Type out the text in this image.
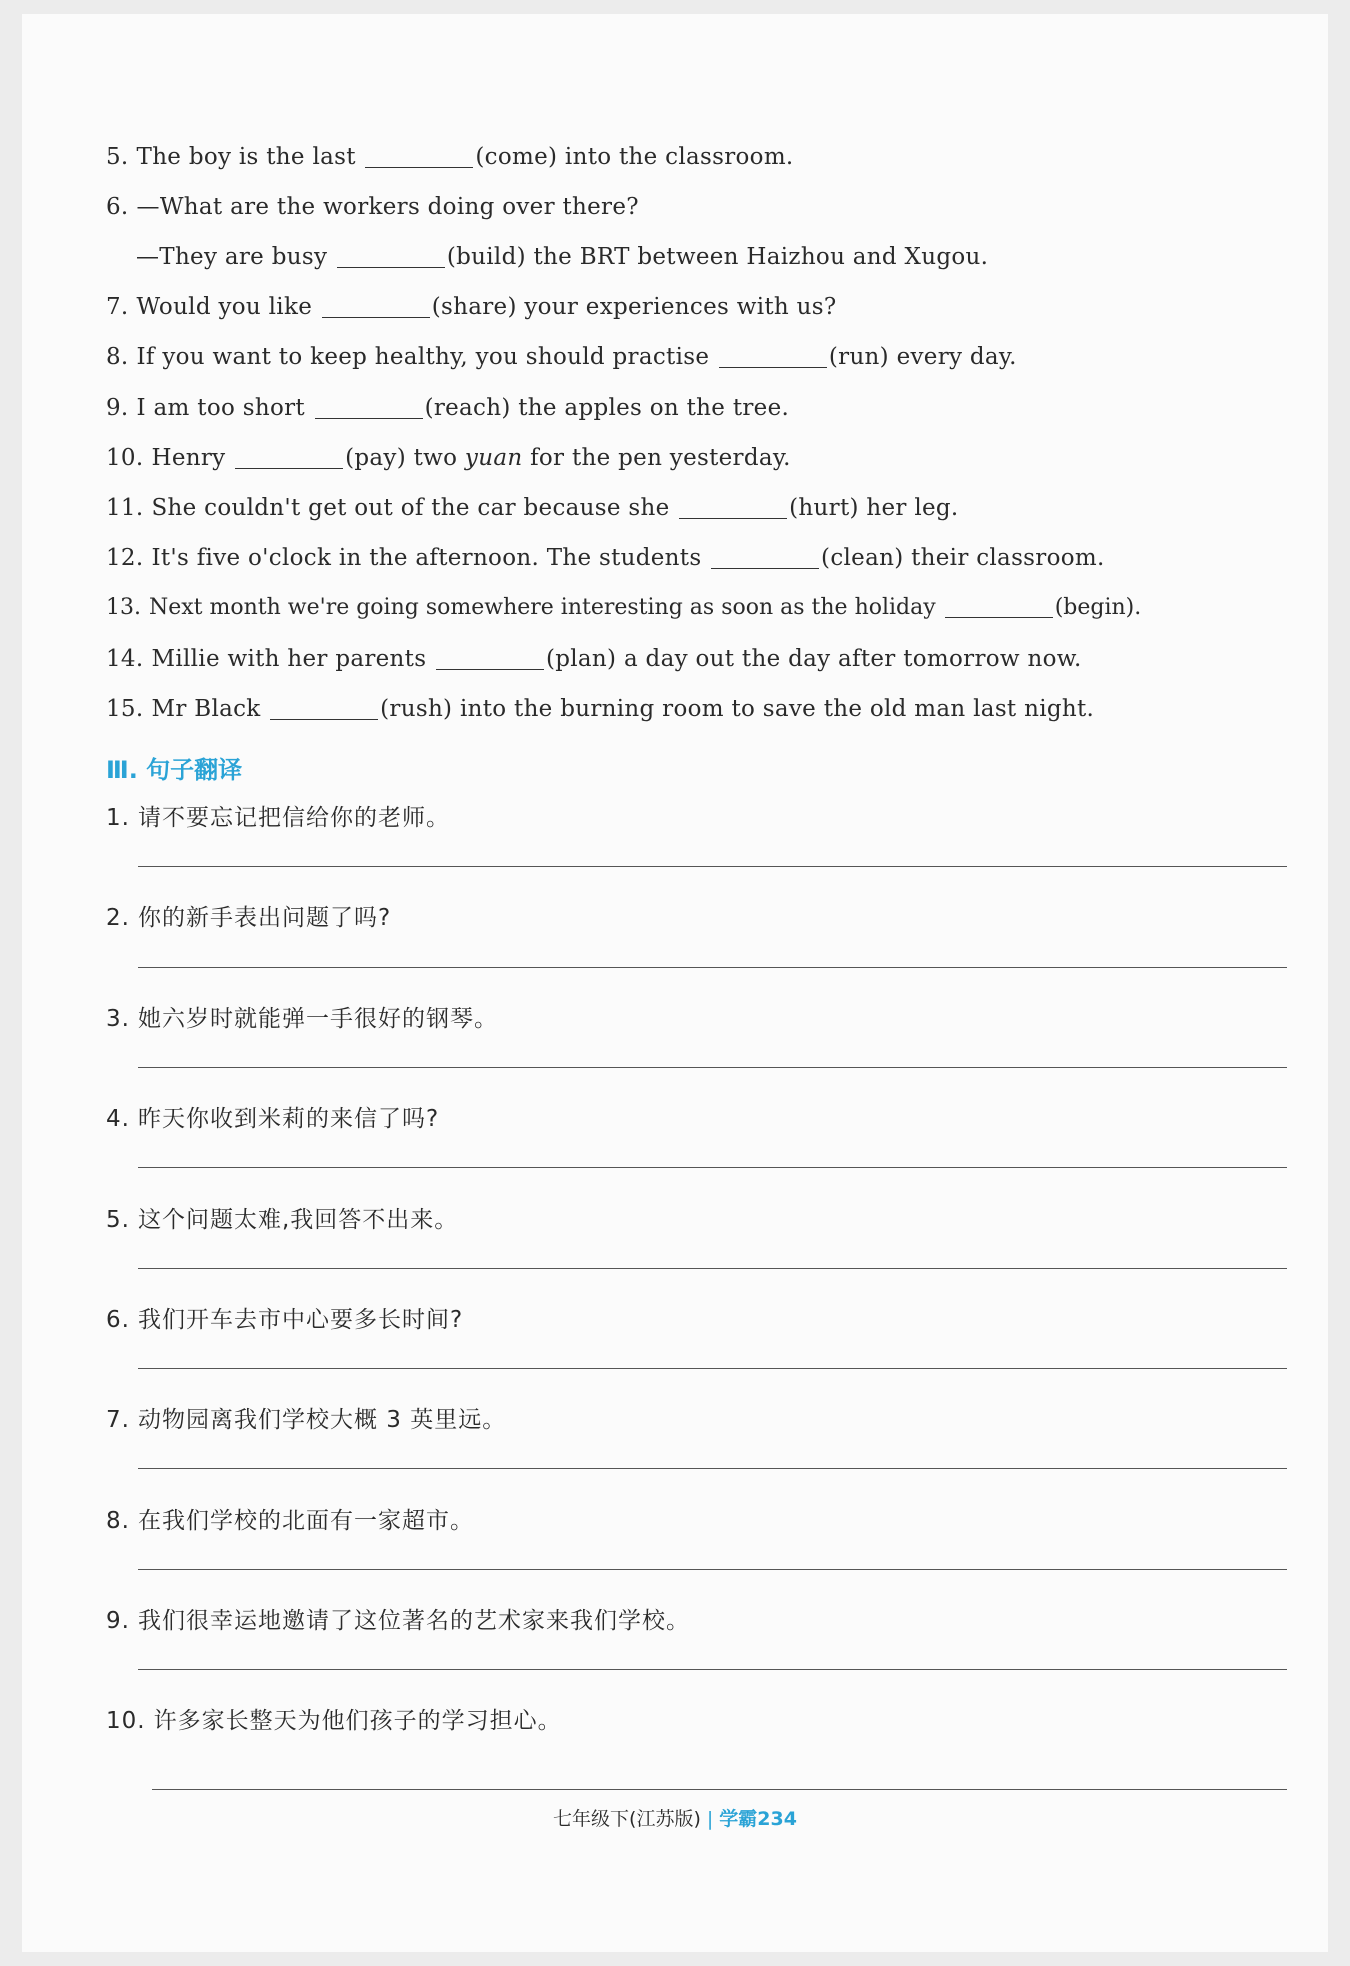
5. The boy is the last	(come) into the classroom.
6. —What are the workers doing over there?
—They are busy	(build) the BRT between Haizhou and Xugou.
7. Would you like	(share) your experiences with us?
8. If you want to keep healthy, you should practise	(run) every day.
9. I am too short	(reach) the apples on the tree.
10. Henry	(pay) two yuan for the pen yesterday.
11. She couldn't get out of the car because she	(hurt) her leg.
12. It's five o'clock in the afternoon. The students	(clean) their classroom.
13. Next month we're going somewhere interesting as soon as the holiday	(begin).
14. Millie with her parents	(plan) a day out the day after tomorrow now.
15. Mr Black	(rush) into the burning room to save the old man last night.
Ⅲ. 句子翻译
1. 请不要忘记把信给你的老师。
2. 你的新手表出问题了吗?
3. 她六岁时就能弹一手很好的钢琴。
4. 昨天你收到米莉的来信了吗?
5. 这个问题太难,我回答不出来。
6. 我们开车去市中心要多长时间?
7. 动物园离我们学校大概 3 英里远。
8. 在我们学校的北面有一家超市。
9. 我们很幸运地邀请了这位著名的艺术家来我们学校。
10. 许多家长整天为他们孩子的学习担心。
七年级下(江苏版) | 学霸234
